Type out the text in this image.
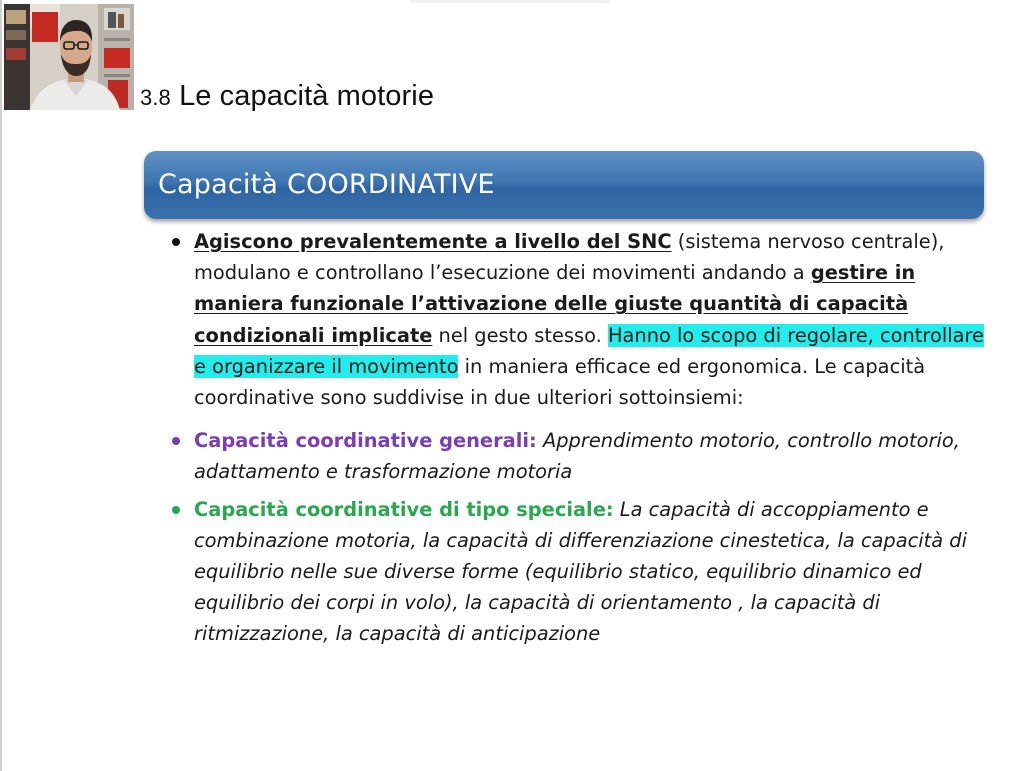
3.8 Le capacità motorie
Capacità COORDINATIVE
Agiscono prevalentemente a livello del SNC (sistema nervoso centrale), modulano e controllano l’esecuzione dei movimenti andando a gestire in maniera funzionale l’attivazione delle giuste quantità di capacità condizionali implicate nel gesto stesso. Hanno lo scopo di regolare, controllare e organizzare il movimento in maniera efficace ed ergonomica. Le capacità coordinative sono suddivise in due ulteriori sottoinsiemi:
Capacità coordinative generali: Apprendimento motorio, controllo motorio, adattamento e trasformazione motoria
Capacità coordinative di tipo speciale: La capacità di accoppiamento e combinazione motoria, la capacità di differenziazione cinestetica, la capacità di equilibrio nelle sue diverse forme (equilibrio statico, equilibrio dinamico ed equilibrio dei corpi in volo), la capacità di orientamento , la capacità di ritmizzazione, la capacità di anticipazione
